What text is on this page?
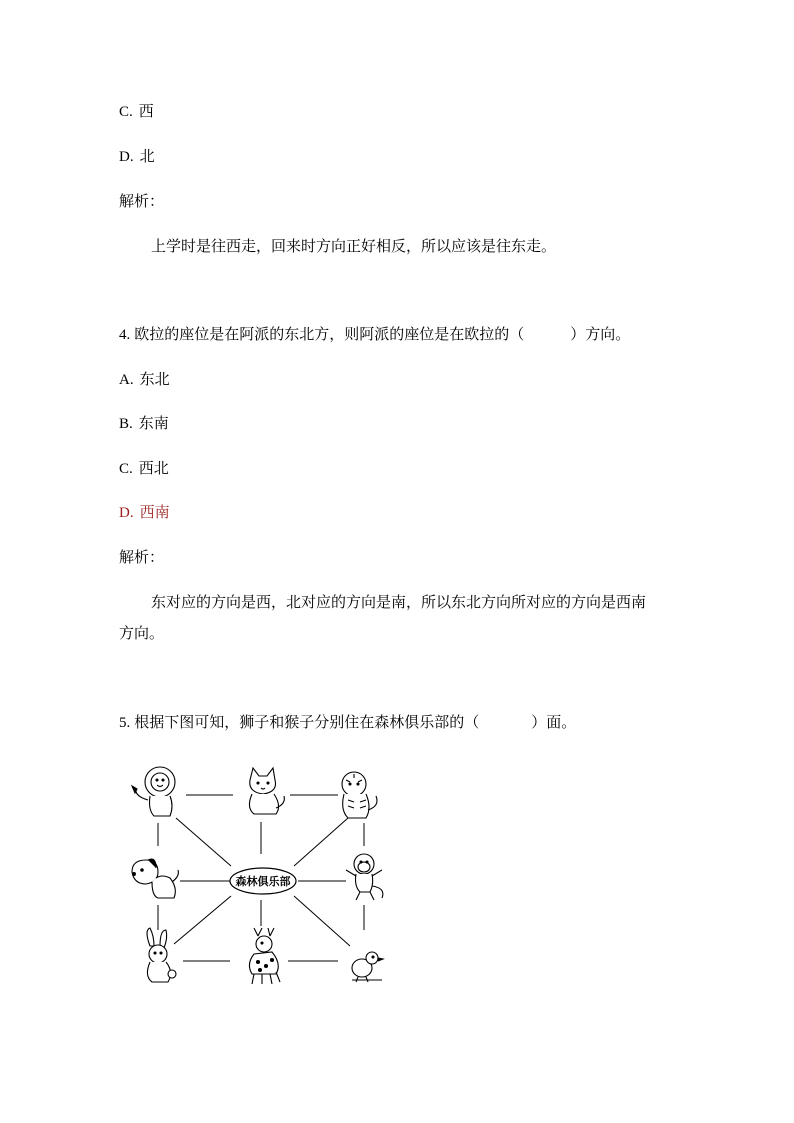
C. 西
D. 北
解析：
上学时是往西走，回来时方向正好相反，所以应该是往东走。
4. 欧拉的座位是在阿派的东北方，则阿派的座位是在欧拉的（	）方向。
A. 东北
B. 东南
C. 西北
D. 西南
解析：
东对应的方向是西，北对应的方向是南，所以东北方向所对应的方向是西南
方向。
5. 根据下图可知，狮子和猴子分别住在森林俱乐部的（	）面。
森林俱乐部
